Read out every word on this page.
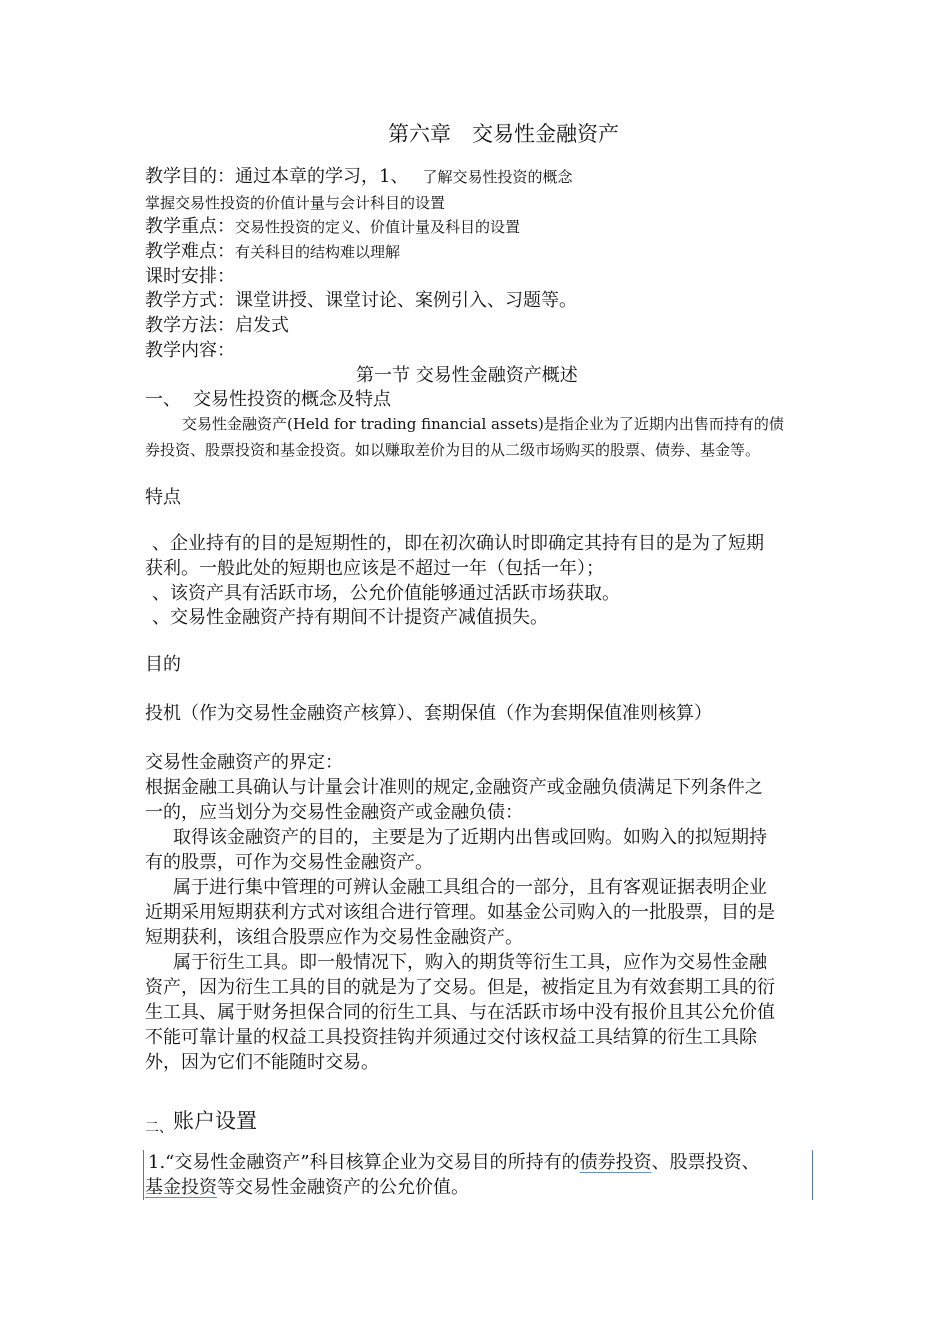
第六章　交易性金融资产
教学目的：通过本章的学习，1、 了解交易性投资的概念
掌握交易性投资的价值计量与会计科目的设置
教学重点：交易性投资的定义、价值计量及科目的设置
教学难点：有关科目的结构难以理解
课时安排：
教学方式：课堂讲授、课堂讨论、案例引入、习题等。
教学方法：启发式
教学内容：
第一节 交易性金融资产概述
一、 交易性投资的概念及特点
交易性金融资产(Held for trading financial assets)是指企业为了近期内出售而持有的债
券投资、股票投资和基金投资。如以赚取差价为目的从二级市场购买的股票、债券、基金等。
特点
、企业持有的目的是短期性的，即在初次确认时即确定其持有目的是为了短期
获利。一般此处的短期也应该是不超过一年（包括一年）；
、该资产具有活跃市场，公允价值能够通过活跃市场获取。
、交易性金融资产持有期间不计提资产减值损失。
目的
投机（作为交易性金融资产核算）、套期保值（作为套期保值准则核算）
交易性金融资产的界定：
根据金融工具确认与计量会计准则的规定,金融资产或金融负债满足下列条件之
一的，应当划分为交易性金融资产或金融负债：
取得该金融资产的目的，主要是为了近期内出售或回购。如购入的拟短期持
有的股票，可作为交易性金融资产。
属于进行集中管理的可辨认金融工具组合的一部分，且有客观证据表明企业
近期采用短期获利方式对该组合进行管理。如基金公司购入的一批股票，目的是
短期获利，该组合股票应作为交易性金融资产。
属于衍生工具。即一般情况下，购入的期货等衍生工具，应作为交易性金融
资产，因为衍生工具的目的就是为了交易。但是，被指定且为有效套期工具的衍
生工具、属于财务担保合同的衍生工具、与在活跃市场中没有报价且其公允价值
不能可靠计量的权益工具投资挂钩并须通过交付该权益工具结算的衍生工具除
外，因为它们不能随时交易。
二、账户设置
1.“交易性金融资产”科目核算企业为交易目的所持有的债券投资、股票投资、
基金投资等交易性金融资产的公允价值。
